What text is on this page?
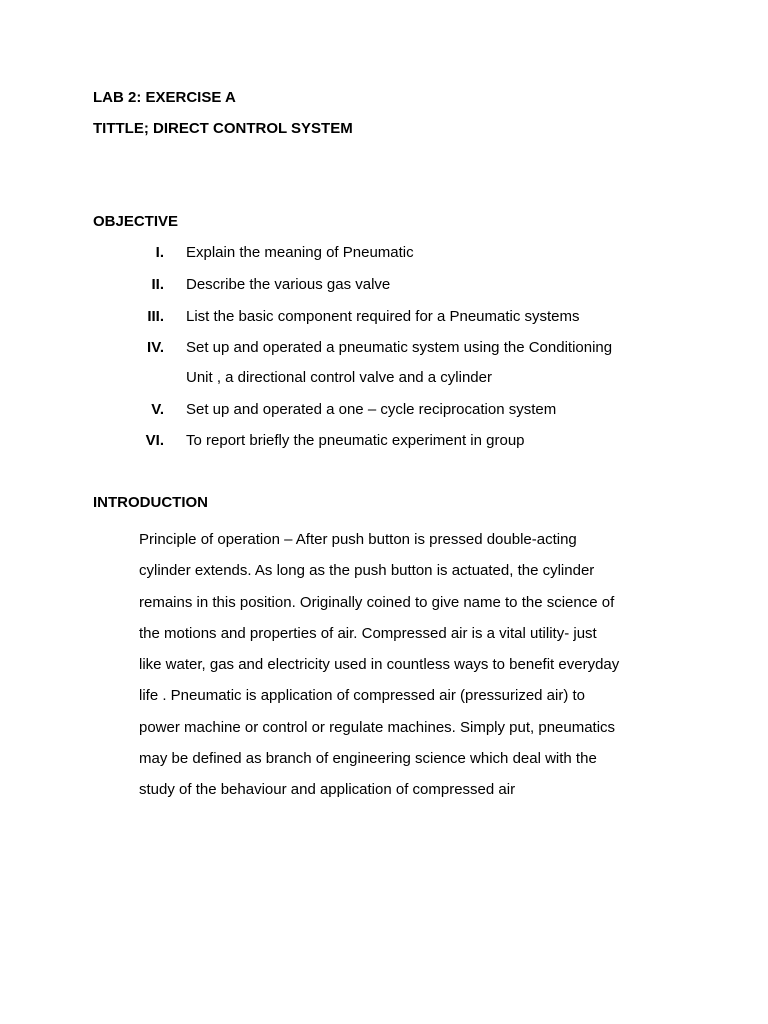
LAB 2: EXERCISE A
TITTLE; DIRECT CONTROL SYSTEM
OBJECTIVE
I. Explain the meaning of Pneumatic
II. Describe the various gas valve
III. List the basic component required for a Pneumatic systems
IV. Set up and operated a pneumatic system using the Conditioning
Unit , a directional control valve and a cylinder
V. Set up and operated a one – cycle reciprocation system
VI. To report briefly the pneumatic experiment in group
INTRODUCTION
Principle of operation – After push button is pressed double-acting
cylinder extends. As long as the push button is actuated, the cylinder
remains in this position. Originally coined to give name to the science of
the motions and properties of air. Compressed air is a vital utility- just
like water, gas and electricity used in countless ways to benefit everyday
life . Pneumatic is application of compressed air (pressurized air) to
power machine or control or regulate machines. Simply put, pneumatics
may be defined as branch of engineering science which deal with the
study of the behaviour and application of compressed air
